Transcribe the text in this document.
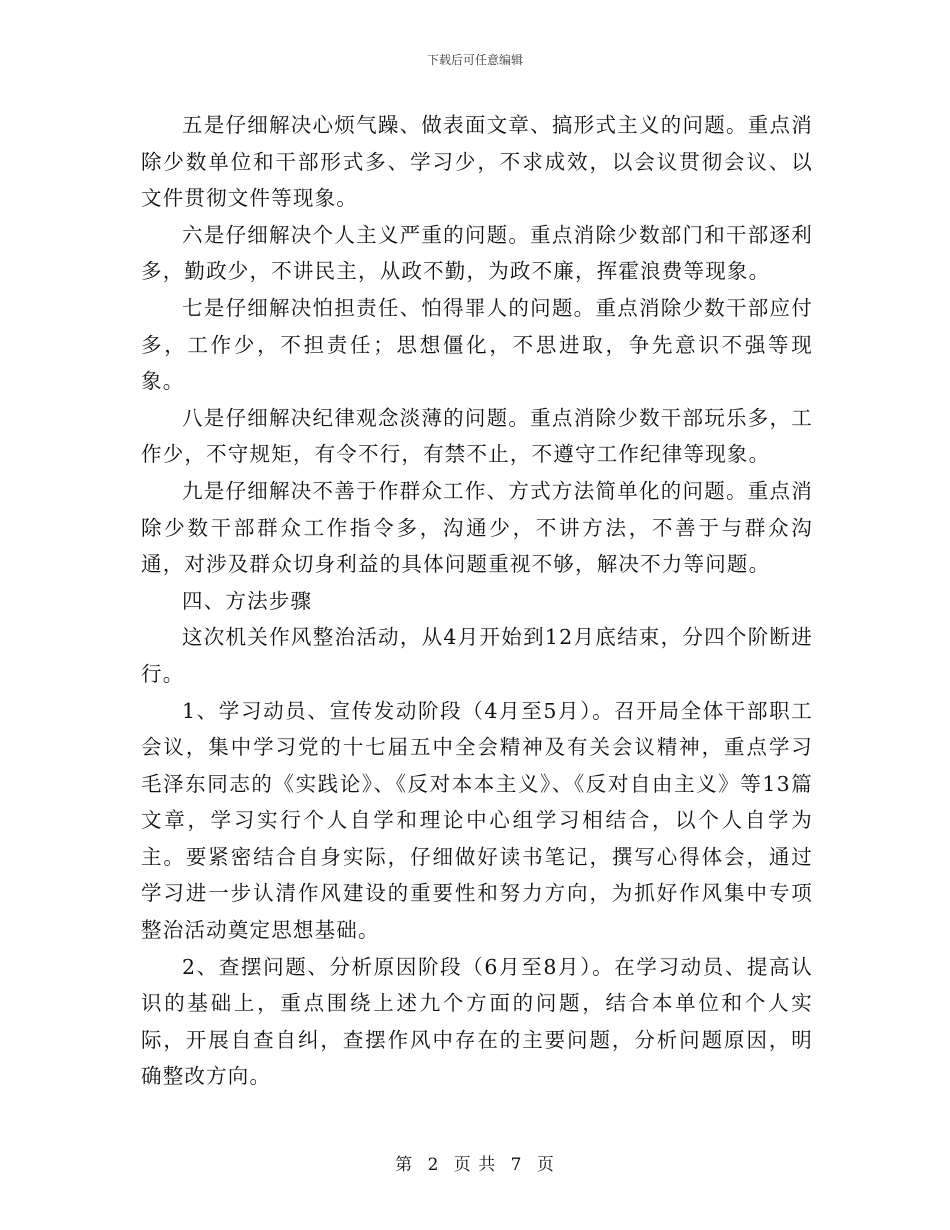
下载后可任意编辑

五是仔细解决心烦气躁、做表面文章、搞形式主义的问题。重点消除少数单位和干部形式多、学习少，不求成效，以会议贯彻会议、以文件贯彻文件等现象。

六是仔细解决个人主义严重的问题。重点消除少数部门和干部逐利多，勤政少，不讲民主，从政不勤，为政不廉，挥霍浪费等现象。

七是仔细解决怕担责任、怕得罪人的问题。重点消除少数干部应付多，工作少，不担责任；思想僵化，不思进取，争先意识不强等现象。

八是仔细解决纪律观念淡薄的问题。重点消除少数干部玩乐多，工作少，不守规矩，有令不行，有禁不止，不遵守工作纪律等现象。

九是仔细解决不善于作群众工作、方式方法简单化的问题。重点消除少数干部群众工作指令多，沟通少，不讲方法，不善于与群众沟通，对涉及群众切身利益的具体问题重视不够，解决不力等问题。

四、方法步骤

这次机关作风整治活动，从4月开始到12月底结束，分四个阶断进行。

1、学习动员、宣传发动阶段（4月至5月）。召开局全体干部职工会议，集中学习党的十七届五中全会精神及有关会议精神，重点学习毛泽东同志的《实践论》、《反对本本主义》、《反对自由主义》等13篇文章，学习实行个人自学和理论中心组学习相结合，以个人自学为主。要紧密结合自身实际，仔细做好读书笔记，撰写心得体会，通过学习进一步认清作风建设的重要性和努力方向，为抓好作风集中专项整治活动奠定思想基础。

2、查摆问题、分析原因阶段（6月至8月）。在学习动员、提高认识的基础上，重点围绕上述九个方面的问题，结合本单位和个人实际，开展自查自纠，查摆作风中存在的主要问题，分析问题原因，明确整改方向。

第 2 页 共 7 页
